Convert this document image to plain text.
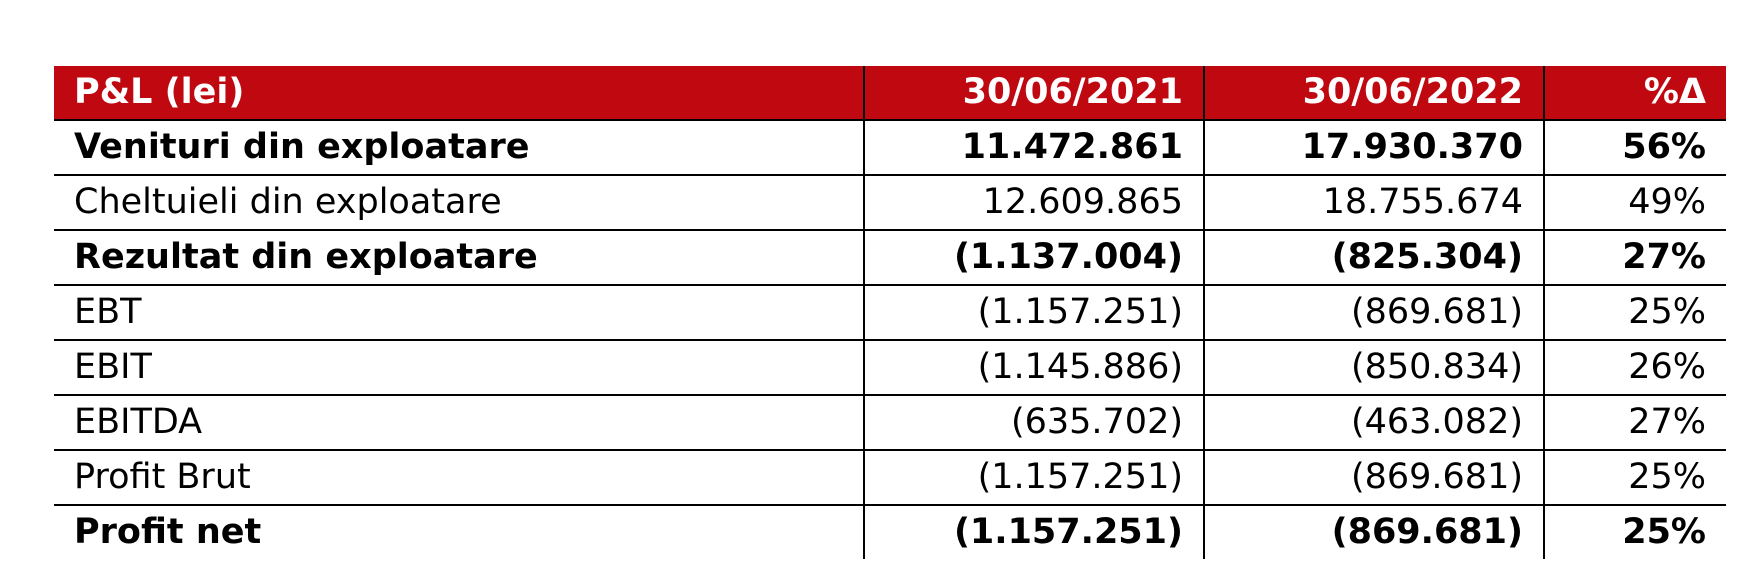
P&L (lei)	30/06/2021	30/06/2022	%Δ
Venituri din exploatare	11.472.861	17.930.370	56%
Cheltuieli din exploatare	12.609.865	18.755.674	49%
Rezultat din exploatare	(1.137.004)	(825.304)	27%
EBT	(1.157.251)	(869.681)	25%
EBIT	(1.145.886)	(850.834)	26%
EBITDA	(635.702)	(463.082)	27%
Profit Brut	(1.157.251)	(869.681)	25%
Profit net	(1.157.251)	(869.681)	25%
